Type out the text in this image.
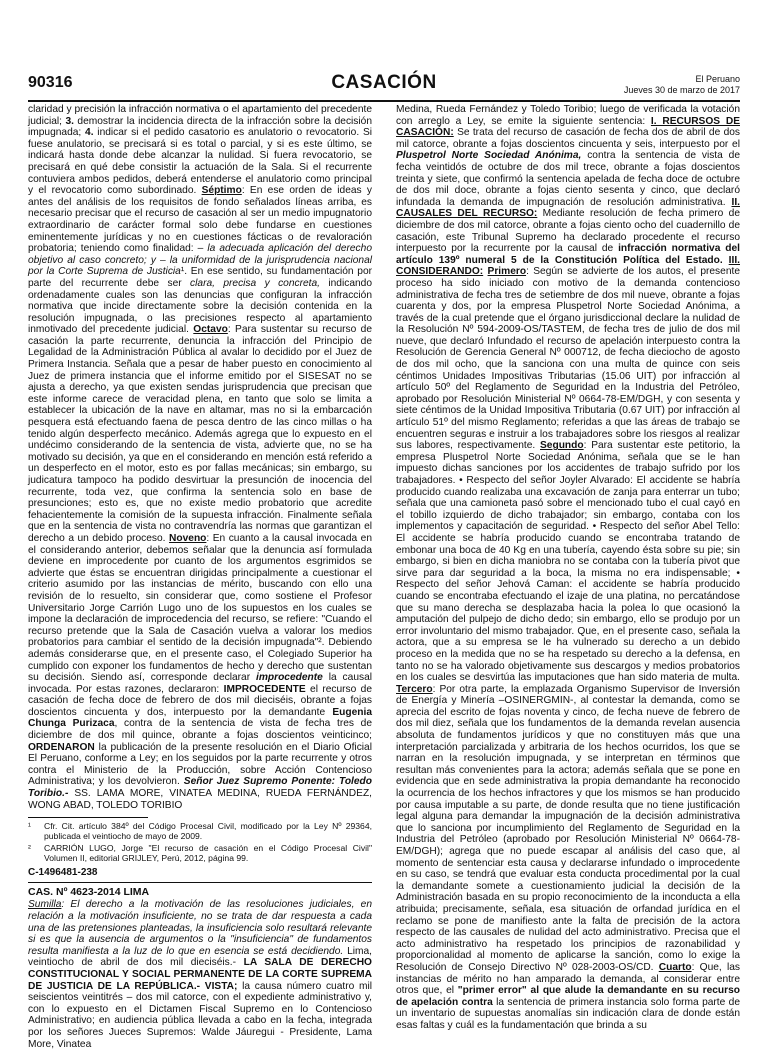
90316	CASACIÓN	El Peruano
Jueves 30 de marzo de 2017

claridad y precisión la infracción normativa o el apartamiento del precedente judicial; 3. demostrar la incidencia directa de la infracción sobre la decisión impugnada; 4. indicar si el pedido casatorio es anulatorio o revocatorio. Si fuese anulatorio, se precisará si es total o parcial, y si es este último, se indicará hasta donde debe alcanzar la nulidad. Si fuera revocatorio, se precisará en qué debe consistir la actuación de la Sala. Si el recurrente contuviera ambos pedidos, deberá entenderse el anulatorio como principal y el revocatorio como subordinado. Séptimo: En ese orden de ideas y antes del análisis de los requisitos de fondo señalados líneas arriba, es necesario precisar que el recurso de casación al ser un medio impugnatorio extraordinario de carácter formal solo debe fundarse en cuestiones eminentemente jurídicas y no en cuestiones fácticas o de revaloración probatoria; teniendo como finalidad: – la adecuada aplicación del derecho objetivo al caso concreto; y – la uniformidad de la jurisprudencia nacional por la Corte Suprema de Justicia¹. En ese sentido, su fundamentación por parte del recurrente debe ser clara, precisa y concreta, indicando ordenadamente cuales son las denuncias que configuran la infracción normativa que incide directamente sobre la decisión contenida en la resolución impugnada, o las precisiones respecto al apartamiento inmotivado del precedente judicial. Octavo: Para sustentar su recurso de casación la parte recurrente, denuncia la infracción del Principio de Legalidad de la Administración Pública al avalar lo decidido por el Juez de Primera Instancia. Señala que a pesar de haber puesto en conocimiento al Juez de primera instancia que el informe emitido por el SISESAT no se ajusta a derecho, ya que existen sendas jurisprudencia que precisan que este informe carece de veracidad plena, en tanto que solo se limita a establecer la ubicación de la nave en altamar, mas no si la embarcación pesquera está efectuando faena de pesca dentro de las cinco millas o ha tenido algún desperfecto mecánico. Además agrega que lo expuesto en el undécimo considerando de la sentencia de vista, advierte que, no se ha motivado su decisión, ya que en el considerando en mención está referido a un desperfecto en el motor, esto es por fallas mecánicas; sin embargo, su judicatura tampoco ha podido desvirtuar la presunción de inocencia del recurrente, toda vez, que confirma la sentencia solo en base de presunciones; esto es, que no existe medio probatorio que acredite fehacientemente la comisión de la supuesta infracción. Finalmente señala que en la sentencia de vista no contravendría las normas que garantizan el derecho a un debido proceso. Noveno: En cuanto a la causal invocada en el considerando anterior, debemos señalar que la denuncia así formulada deviene en improcedente por cuanto de los argumentos esgrimidos se advierte que éstas se encuentran dirigidas principalmente a cuestionar el criterio asumido por las instancias de mérito, buscando con ello una revisión de lo resuelto, sin considerar que, como sostiene el Profesor Universitario Jorge Carrión Lugo uno de los supuestos en los cuales se impone la declaración de improcedencia del recurso, se refiere: "Cuando el recurso pretende que la Sala de Casación vuelva a valorar los medios probatorios para cambiar el sentido de la decisión impugnada"². Debiendo además considerarse que, en el presente caso, el Colegiado Superior ha cumplido con exponer los fundamentos de hecho y derecho que sustentan su decisión. Siendo así, corresponde declarar improcedente la causal invocada. Por estas razones, declararon: IMPROCEDENTE el recurso de casación de fecha doce de febrero de dos mil dieciséis, obrante a fojas doscientos cincuenta y dos, interpuesto por la demandante Eugenia Chunga Purizaca, contra de la sentencia de vista de fecha tres de diciembre de dos mil quince, obrante a fojas doscientos veinticinco; ORDENARON la publicación de la presente resolución en el Diario Oficial El Peruano, conforme a Ley; en los seguidos por la parte recurrente y otros contra el Ministerio de la Producción, sobre Acción Contencioso Administrativa; y los devolvieron. Señor Juez Supremo Ponente: Toledo Toribio.- SS. LAMA MORE, VINATEA MEDINA, RUEDA FERNÁNDEZ, WONG ABAD, TOLEDO TORIBIO

¹	Cfr. Cit. artículo 384º del Código Procesal Civil, modificado por la Ley Nº 29364, publicada el veintiocho de mayo de 2009.
²	CARRIÓN LUGO, Jorge "El recurso de casación en el Código Procesal Civil" Volumen II, editorial GRIJLEY, Perú, 2012, página 99.
C-1496481-238
CAS. Nº 4623-2014 LIMA

Sumilla: El derecho a la motivación de las resoluciones judiciales, en relación a la motivación insuficiente, no se trata de dar respuesta a cada una de las pretensiones planteadas, la insuficiencia solo resultará relevante si es que la ausencia de argumentos o la "insuficiencia" de fundamentos resulta manifiesta a la luz de lo que en esencia se está decidiendo. Lima, veintiocho de abril de dos mil dieciséis.- LA SALA DE DERECHO CONSTITUCIONAL Y SOCIAL PERMANENTE DE LA CORTE SUPREMA DE JUSTICIA DE LA REPÚBLICA.- VISTA; la causa número cuatro mil seiscientos veintitrés – dos mil catorce, con el expediente administrativo y, con lo expuesto en el Dictamen Fiscal Supremo en lo Contencioso Administrativo; en audiencia pública llevada a cabo en la fecha, integrada por los señores Jueces Supremos: Walde Jáuregui - Presidente, Lama More, Vinatea

Medina, Rueda Fernández y Toledo Toribio; luego de verificada la votación con arreglo a Ley, se emite la siguiente sentencia: I. RECURSOS DE CASACIÓN: Se trata del recurso de casación de fecha dos de abril de dos mil catorce, obrante a fojas doscientos cincuenta y seis, interpuesto por el Pluspetrol Norte Sociedad Anónima, contra la sentencia de vista de fecha veintidós de octubre de dos mil trece, obrante a fojas doscientos treinta y siete, que confirmó la sentencia apelada de fecha doce de octubre de dos mil doce, obrante a fojas ciento sesenta y cinco, que declaró infundada la demanda de impugnación de resolución administrativa. II. CAUSALES DEL RECURSO: Mediante resolución de fecha primero de diciembre de dos mil catorce, obrante a fojas ciento ocho del cuadernillo de casación, este Tribunal Supremo ha declarado procedente el recurso interpuesto por la recurrente por la causal de infracción normativa del artículo 139º numeral 5 de la Constitución Política del Estado. III. CONSIDERANDO: Primero: Según se advierte de los autos, el presente proceso ha sido iniciado con motivo de la demanda contencioso administrativa de fecha tres de setiembre de dos mil nueve, obrante a fojas cuarenta y dos, por la empresa Pluspetrol Norte Sociedad Anónima, a través de la cual pretende que el órgano jurisdiccional declare la nulidad de la Resolución Nº 594-2009-OS/TASTEM, de fecha tres de julio de dos mil nueve, que declaró Infundado el recurso de apelación interpuesto contra la Resolución de Gerencia General Nº 000712, de fecha dieciocho de agosto de dos mil ocho, que la sanciona con una multa de quince con seis céntimos Unidades Impositivas Tributarias (15.06 UIT) por infracción al artículo 50º del Reglamento de Seguridad en la Industria del Petróleo, aprobado por Resolución Ministerial Nº 0664-78-EM/DGH, y con sesenta y siete céntimos de la Unidad Impositiva Tributaria (0.67 UIT) por infracción al artículo 51º del mismo Reglamento; referidas a que las áreas de trabajo se encuentren seguras e instruir a los trabajadores sobre los riesgos al realizar sus labores, respectivamente. Segundo: Para sustentar este petitorio, la empresa Pluspetrol Norte Sociedad Anónima, señala que se le han impuesto dichas sanciones por los accidentes de trabajo sufrido por los trabajadores. • Respecto del señor Joyler Alvarado: El accidente se habría producido cuando realizaba una excavación de zanja para enterrar un tubo; señala que una camioneta pasó sobre el mencionado tubo el cual cayó en el tobillo izquierdo de dicho trabajador; sin embargo, contaba con los implementos y capacitación de seguridad. • Respecto del señor Abel Tello: El accidente se habría producido cuando se encontraba tratando de embonar una boca de 40 Kg en una tubería, cayendo ésta sobre su pie; sin embargo, si bien en dicha maniobra no se contaba con la tubería pivot que sirve para dar seguridad a la boca, la misma no era indispensable; • Respecto del señor Jehová Caman: el accidente se habría producido cuando se encontraba efectuando el izaje de una platina, no percatándose que su mano derecha se desplazaba hacia la polea lo que ocasionó la amputación del pulpejo de dicho dedo; sin embargo, ello se produjo por un error involuntario del mismo trabajador. Que, en el presente caso, señala la actora, que a su empresa se le ha vulnerado su derecho a un debido proceso en la medida que no se ha respetado su derecho a la defensa, en tanto no se ha valorado objetivamente sus descargos y medios probatorios en los cuales se desvirtúa las imputaciones que han sido materia de multa. Tercero: Por otra parte, la emplazada Organismo Supervisor de Inversión de Energía y Minería –OSINERGMIN-, al contestar la demanda, como se aprecia del escrito de fojas noventa y cinco, de fecha nueve de febrero de dos mil diez, señala que los fundamentos de la demanda revelan ausencia absoluta de fundamentos jurídicos y que no constituyen más que una interpretación parcializada y arbitraria de los hechos ocurridos, los que se narran en la resolución impugnada, y se interpretan en términos que resultan más convenientes para la actora; además señala que se pone en evidencia que en sede administrativa la propia demandante ha reconocido la ocurrencia de los hechos infractores y que los mismos se han producido por causa imputable a su parte, de donde resulta que no tiene justificación legal alguna para demandar la impugnación de la decisión administrativa que lo sanciona por incumplimiento del Reglamento de Seguridad en la Industria del Petróleo (aprobado por Resolución Ministerial Nº 0664-78-EM/DGH); agrega que no puede escapar al análisis del caso que, al momento de sentenciar esta causa y declararse infundado o improcedente en su caso, se tendrá que evaluar esta conducta procedimental por la cual la demandante somete a cuestionamiento judicial la decisión de la Administración basada en su propio reconocimiento de la inconducta a ella atribuida; precisamente, señala, esa situación de orfandad jurídica en el reclamo se pone de manifiesto ante la falta de precisión de la actora respecto de las causales de nulidad del acto administrativo. Precisa que el acto administrativo ha respetado los principios de razonabilidad y proporcionalidad al momento de aplicarse la sanción, como lo exige la Resolución de Consejo Directivo Nº 028-2003-OS/CD. Cuarto: Que, las instancias de mérito no han amparado la demanda, al considerar entre otros que, el "primer error" al que alude la demandante en su recurso de apelación contra la sentencia de primera instancia solo forma parte de un inventario de supuestas anomalías sin indicación clara de donde están esas faltas y cuál es la fundamentación que brinda a su
